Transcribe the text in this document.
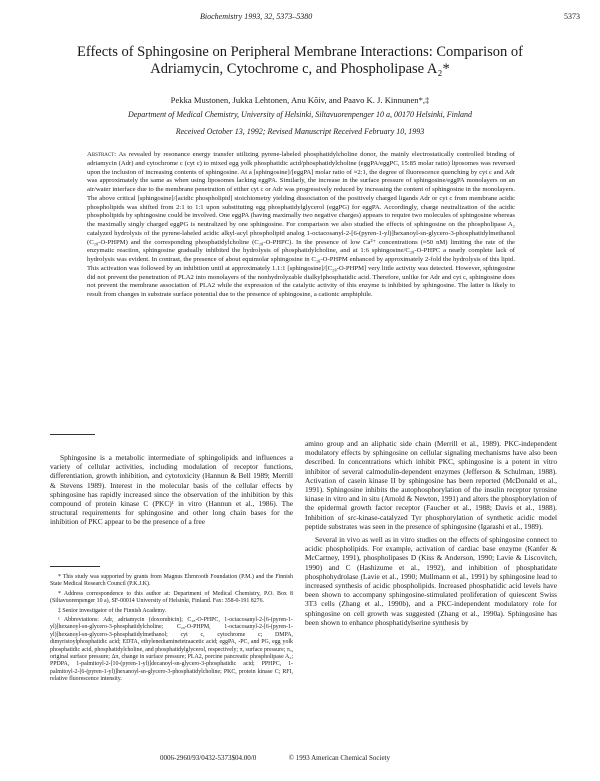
Biochemistry 1993, 32, 5373–5380	5373
Effects of Sphingosine on Peripheral Membrane Interactions: Comparison of
Adriamycin, Cytochrome c, and Phospholipase A₂*
Pekka Mustonen, Jukka Lehtonen, Anu Kõiv, and Paavo K. J. Kinnunen*,‡
Department of Medical Chemistry, University of Helsinki, Siltavuorenpenger 10 a, 00170 Helsinki, Finland
Received October 13, 1992; Revised Manuscript Received February 10, 1993
Abstract: As revealed by resonance energy transfer utilizing pyrene-labeled phosphatidylcholine donor, the mainly electrostatically controlled binding of adriamycin (Adr) and cytochrome c (cyt c) to mixed egg yolk phosphatidic acid/phosphatidylcholine (eggPA/eggPC, 15:85 molar ratio) liposomes was reversed upon the inclusion of increasing contents of sphingosine. At a [sphingosine]/[eggPA] molar ratio of ≈2:1, the degree of fluorescence quenching by cyt c and Adr was approximately the same as when using liposomes lacking eggPA. Similarly, the increase in the surface pressure of sphingosine/eggPA monolayers on an air/water interface due to the membrane penetration of either cyt c or Adr was progressively reduced by increasing the content of sphingosine in the monolayers. The above critical [sphingosine]/[acidic phospholipid] stoichiometry yielding dissociation of the positively charged ligands Adr or cyt c from membrane acidic phospholipids was shifted from 2:1 to 1:1 upon substituting egg phosphatidylglycerol (eggPG) for eggPA. Accordingly, charge neutralization of the acidic phospholipids by sphingosine could be involved. One eggPA (having maximally two negative charges) appears to require two molecules of sphingosine whereas the maximally singly charged eggPG is neutralized by one sphingosine. For comparison we also studied the effects of sphingosine on the phospholipase A₂ catalyzed hydrolysis of the pyrene-labeled acidic alkyl-acyl phospholipid analog 1-octacosanyl-2-[6-(pyren-1-yl)]hexanoyl-sn-glycero-3-phosphatidylmethanol (C₂₈-O-PHPM) and the corresponding phosphatidylcholine (C₂₈-O-PHPC). In the presence of low Ca²⁺ concentrations (≈50 nM) limiting the rate of the enzymatic reaction, sphingosine gradually inhibited the hydrolysis of phosphatidylcholine, and at 1:6 sphingosine/C₂₈-O-PHPC a nearly complete lack of hydrolysis was evident. In contrast, the presence of about equimolar sphingosine in C₂₈-O-PHPM enhanced by approximately 2-fold the hydrolysis of this lipid. This activation was followed by an inhibition until at approximately 1.1:1 [sphingosine]/[C₂₈-O-PHPM] very little activity was detected. However, sphingosine did not prevent the penetration of PLA2 into monolayers of the nonhydrolyzable dialkylphosphatidic acid. Therefore, unlike for Adr and cyt c, sphingosine does not prevent the membrane association of PLA2 while the expression of the catalytic activity of this enzyme is inhibited by sphingosine. The latter is likely to result from changes in substrate surface potential due to the presence of sphingosine, a cationic amphiphile.

Sphingosine is a metabolic intermediate of sphingolipids and influences a variety of cellular activities, including modulation of receptor functions, differentiation, growth inhibition, and cytotoxicity (Hannun & Bell 1989; Merrill & Stevens 1989). Interest in the molecular basis of the cellular effects by sphingosine has rapidly increased since the observation of the inhibition by this compound of protein kinase C (PKC)¹ in vitro (Hannun et al., 1986). The structural requirements for sphingosine and other long chain bases for the inhibition of PKC appear to be the presence of a free

* This study was supported by grants from Magnus Ehrnrooth Foundation (P.M.) and the Finnish State Medical Research Council (P.K.J.K).

* Address correspondence to this author at: Department of Medical Chemistry, P.O. Box 8 (Siltavuorenpenger 10 a), SF-00014 University of Helsinki, Finland. Fax: 358-0-191 8276.

‡ Senior investigator of the Finnish Academy.

¹ Abbreviations: Adr, adriamycin (doxorubicin); C₂₈-O-PHPC, 1-octacosanyl-2-[6-(pyren-1-yl)]hexanoyl-sn-glycero-3-phosphatidylcholine; C₂₈-O-PHPM, 1-octacosanyl-2-[6-(pyren-1-yl)]hexanoyl-sn-glycero-3-phosphatidylmethanol; cyt c, cytochrome c; DMPA, dimyristoylphosphatidic acid; EDTA, ethylenediaminetetraacetic acid; eggPA, -PC, and PG, egg yolk phosphatidic acid, phosphatidylcholine, and phosphatidylglycerol, respectively; π, surface pressure; πₒ, original surface pressure; Δπ, change in surface pressure; PLA2, porcine pancreatic phospholipase A₂; PPDPA, 1-palmitoyl-2-[10-(pyren-1-yl)]decanoyl-sn-glycero-3-phosphatidic acid; PPHPC, 1-palmitoyl-2-[6-(pyren-1-yl)]hexanoyl-sn-glycero-3-phosphatidylcholine; PKC, protein kinase C; RFI, relative fluorescence intensity.

amino group and an aliphatic side chain (Merrill et al., 1989). PKC-independent modulatory effects by sphingosine on cellular signaling mechanisms have also been described. In concentrations which inhibit PKC, sphingosine is a potent in vitro inhibitor of several calmodulin-dependent enzymes (Jefferson & Schulman, 1988). Activation of casein kinase II by sphingosine has been reported (McDonald et al., 1991). Sphingosine inhibits the autophosphorylation of the insulin receptor tyrosine kinase in vitro and in situ (Arnold & Newton, 1991) and alters the phosphorylation of the epidermal growth factor receptor (Faucher et al., 1988; Davis et al., 1988). Inhibition of src-kinase-catalyzed Tyr phosphorylation of synthetic acidic model peptide substrates was seen in the presence of sphingosine (Igarashi et al., 1989).

Several in vivo as well as in vitro studies on the effects of sphingosine connect to acidic phospholipids. For example, activation of cardiac base enzyme (Kanfer & McCartney, 1991), phospholipases D (Kiss & Anderson, 1990; Lavie & Liscovitch, 1990) and C (Hashizume et al., 1992), and inhibition of phosphatidate phosphohydrolase (Lavie et al., 1990; Mullmann et al., 1991) by sphingosine lead to increased synthesis of acidic phospholipids. Increased phosphatidic acid levels have been shown to accompany sphingosine-stimulated proliferation of quiescent Swiss 3T3 cells (Zhang et al., 1990b), and a PKC-independent modulatory role for sphingosine on cell growth was suggested (Zhang et al., 1990a). Sphingosine has been shown to enhance phosphatidylserine synthesis by

0006-2960/93/0432-5373$04.00/0	© 1993 American Chemical Society
